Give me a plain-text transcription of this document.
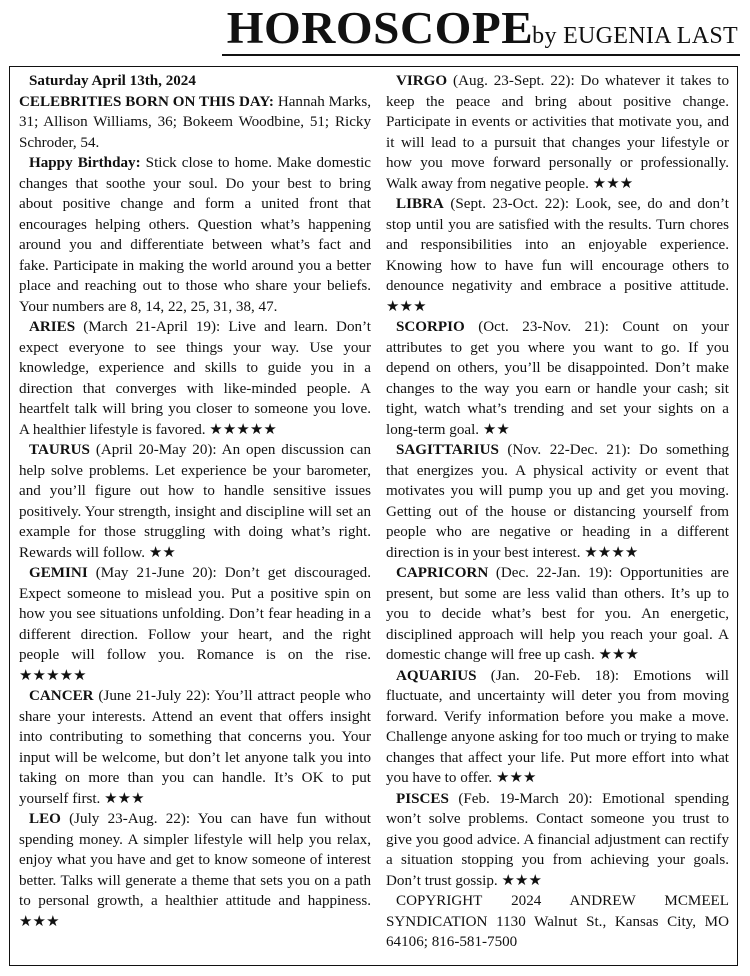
HOROSCOPEby EUGENIA LAST

Saturday April 13th, 2024

CELEBRITIES BORN ON THIS DAY: Hannah Marks, 31; Allison Williams, 36; Bokeem Woodbine, 51; Ricky Schroder, 54.

Happy Birthday: Stick close to home. Make domestic changes that soothe your soul. Do your best to bring about positive change and form a united front that encourages helping others. Question what’s happening around you and differentiate between what’s fact and fake. Participate in making the world around you a better place and reaching out to those who share your beliefs. Your numbers are 8, 14, 22, 25, 31, 38, 47.

ARIES (March 21-April 19): Live and learn. Don’t expect everyone to see things your way. Use your knowledge, experience and skills to guide you in a direction that converges with like-minded people. A heartfelt talk will bring you closer to someone you love. A healthier lifestyle is favored. ★★★★★

TAURUS (April 20-May 20): An open discussion can help solve problems. Let experience be your barometer, and you’ll figure out how to handle sensitive issues positively. Your strength, insight and discipline will set an example for those struggling with doing what’s right. Rewards will follow. ★★

GEMINI (May 21-June 20): Don’t get discouraged. Expect someone to mislead you. Put a positive spin on how you see situations unfolding. Don’t fear heading in a different direction. Follow your heart, and the right people will follow you. Romance is on the rise. ★★★★★

CANCER (June 21-July 22): You’ll attract people who share your interests. Attend an event that offers insight into contributing to something that concerns you. Your input will be welcome, but don’t let anyone talk you into taking on more than you can handle. It’s OK to put yourself first. ★★★

LEO (July 23-Aug. 22): You can have fun without spending money. A simpler lifestyle will help you relax, enjoy what you have and get to know someone of interest better. Talks will generate a theme that sets you on a path to personal growth, a healthier attitude and happiness. ★★★

VIRGO (Aug. 23-Sept. 22): Do whatever it takes to keep the peace and bring about positive change. Participate in events or activities that motivate you, and it will lead to a pursuit that changes your lifestyle or how you move forward personally or professionally. Walk away from negative people. ★★★

LIBRA (Sept. 23-Oct. 22): Look, see, do and don’t stop until you are satisfied with the results. Turn chores and responsibilities into an enjoyable experience. Knowing how to have fun will encourage others to denounce negativity and embrace a positive attitude. ★★★

SCORPIO (Oct. 23-Nov. 21): Count on your attributes to get you where you want to go. If you depend on others, you’ll be disappointed. Don’t make changes to the way you earn or handle your cash; sit tight, watch what’s trending and set your sights on a long-term goal. ★★

SAGITTARIUS (Nov. 22-Dec. 21): Do something that energizes you. A physical activity or event that motivates you will pump you up and get you moving. Getting out of the house or distancing yourself from people who are negative or heading in a different direction is in your best interest. ★★★★

CAPRICORN (Dec. 22-Jan. 19): Opportunities are present, but some are less valid than others. It’s up to you to decide what’s best for you. An energetic, disciplined approach will help you reach your goal. A domestic change will free up cash. ★★★

AQUARIUS (Jan. 20-Feb. 18): Emotions will fluctuate, and uncertainty will deter you from moving forward. Verify information before you make a move. Challenge anyone asking for too much or trying to make changes that affect your life. Put more effort into what you have to offer. ★★★

PISCES (Feb. 19-March 20): Emotional spending won’t solve problems. Contact someone you trust to give you good advice. A financial adjustment can rectify a situation stopping you from achieving your goals. Don’t trust gossip. ★★★

COPYRIGHT 2024 ANDREW MCMEEL SYNDICATION 1130 Walnut St., Kansas City, MO 64106; 816-581-7500
